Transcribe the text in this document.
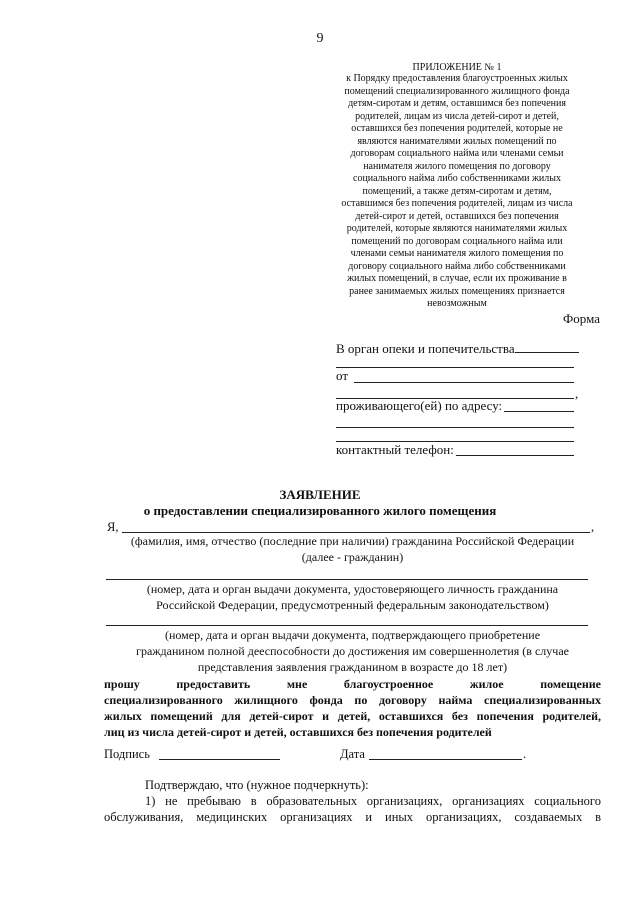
9
ПРИЛОЖЕНИЕ № 1
к Порядку предоставления благоустроенных жилых
помещений специализированного жилищного фонда
детям-сиротам и детям, оставшимся без попечения
родителей, лицам из числа детей-сирот и детей,
оставшихся без попечения родителей, которые не
являются нанимателями жилых помещений по
договорам социального найма или членами семьи
нанимателя жилого помещения по договору
социального найма либо собственниками жилых
помещений, а также детям-сиротам и детям,
оставшимся без попечения родителей, лицам из числа
детей-сирот и детей, оставшихся без попечения
родителей, которые являются нанимателями жилых
помещений по договорам социального найма или
членами семьи нанимателя жилого помещения по
договору социального найма либо собственниками
жилых помещений, в случае, если их проживание в
ранее занимаемых жилых помещениях признается
невозможным
Форма
В орган опеки и попечительства
от
,
проживающего(ей) по адресу:
контактный телефон:
ЗАЯВЛЕНИЕ
о предоставлении специализированного жилого помещения
Я,	,
(фамилия, имя, отчество (последние при наличии) гражданина Российской Федерации
(далее - гражданин)
(номер, дата и орган выдачи документа, удостоверяющего личность гражданина
Российской Федерации, предусмотренный федеральным законодательством)
(номер, дата и орган выдачи документа, подтверждающего приобретение
гражданином полной дееспособности до достижения им совершеннолетия (в случае
представления заявления гражданином в возрасте до 18 лет)
прошу предоставить мне благоустроенное жилое помещение
специализированного жилищного фонда по договору найма специализированных
жилых помещений для детей-сирот и детей, оставшихся без попечения родителей,
лиц из числа детей-сирот и детей, оставшихся без попечения родителей
Подпись	Дата	.
Подтверждаю, что (нужное подчеркнуть):
1) не пребываю в образовательных организациях, организациях социального
обслуживания, медицинских организациях и иных организациях, создаваемых в
